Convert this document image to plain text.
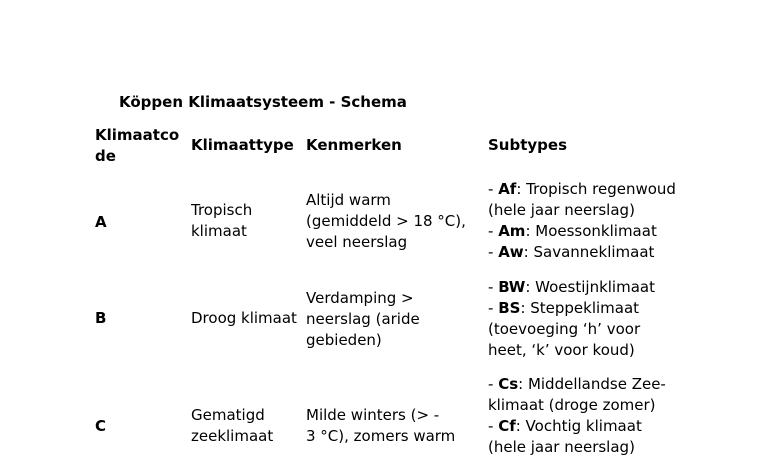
Köppen Klimaatsysteem - Schema
Klimaatco
de
Klimaattype Kenmerken	Subtypes
A
Tropisch
klimaat
Altijd warm
(gemiddeld > 18 °C),
veel neerslag
- Af: Tropisch regenwoud
(hele jaar neerslag)
- Am: Moessonklimaat
- Aw: Savanneklimaat
B	Droog klimaat
Verdamping >
neerslag (aride
gebieden)
- BW: Woestijnklimaat
- BS: Steppeklimaat
(toevoeging ‘h’ voor
heet, ‘k’ voor koud)
C
Gematigd
zeeklimaat
Milde winters (> -
3 °C), zomers warm
- Cs: Middellandse Zee-
klimaat (droge zomer)
- Cf: Vochtig klimaat
(hele jaar neerslag)
